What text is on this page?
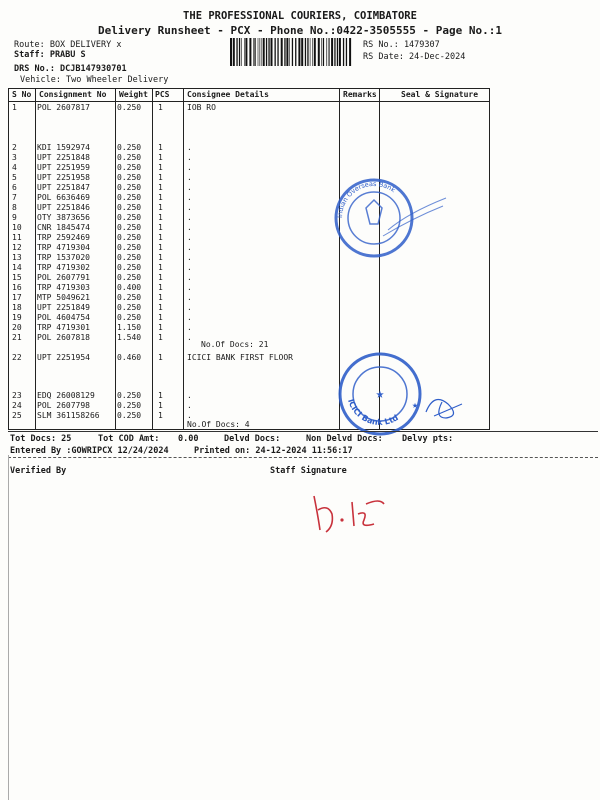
THE PROFESSIONAL COURIERS, COIMBATORE
Delivery Runsheet - PCX - Phone No.:0422-3505555 - Page No.:1
Route: BOX DELIVERY x
Staff: PRABU S
DRS No.: DCJB147930701
Vehicle: Two Wheeler Delivery
RS No.: 1479307
RS Date: 24-Dec-2024
S No Consignment No Weight PCS Consignee Details	Remarks	Seal & Signature
1	POL 2607817	0.250 1	IOB RO
2	KDI 1592974	0.250 1	.
3	UPT 2251848	0.250 1	.
4	UPT 2251959	0.250 1	.
5	UPT 2251958	0.250 1	.
6	UPT 2251847	0.250 1	.
7	POL 6636469	0.250 1	.
8	UPT 2251846	0.250 1	.
9	OTY 3873656	0.250 1	.
10 CNR 1845474	0.250 1	.
11 TRP 2592469	0.250 1	.
12 TRP 4719304	0.250 1	.
13 TRP 1537020	0.250 1	.
14 TRP 4719302	0.250 1	.
15 POL 2607791	0.250 1	.
16 TRP 4719303	0.400 1	.
17 MTP 5049621	0.250 1	.
18 UPT 2251849	0.250 1	.
19 POL 4604754	0.250 1	.
20 TRP 4719301	1.150 1	.
21 POL 2607818	1.540 1	.
22 UPT 2251954	0.460 1	ICICI BANK FIRST FLOOR
23 EDQ 26008129	0.250 1	.
24 POL 2607798	0.250 1	.
25 SLM 361158266 0.250 1	.
No.Of Docs: 21
No.Of Docs: 4
Indian Overseas Bank
ICICI Bank Ltd
★
★
Tot Docs: 25	Tot COD Amt: 0.00	Delvd Docs:	Non Delvd Docs: Delvy pts:
Entered By :GOWRIPCX 12/24/2024	Printed on: 24-12-2024 11:56:17
Verified By	Staff Signature
